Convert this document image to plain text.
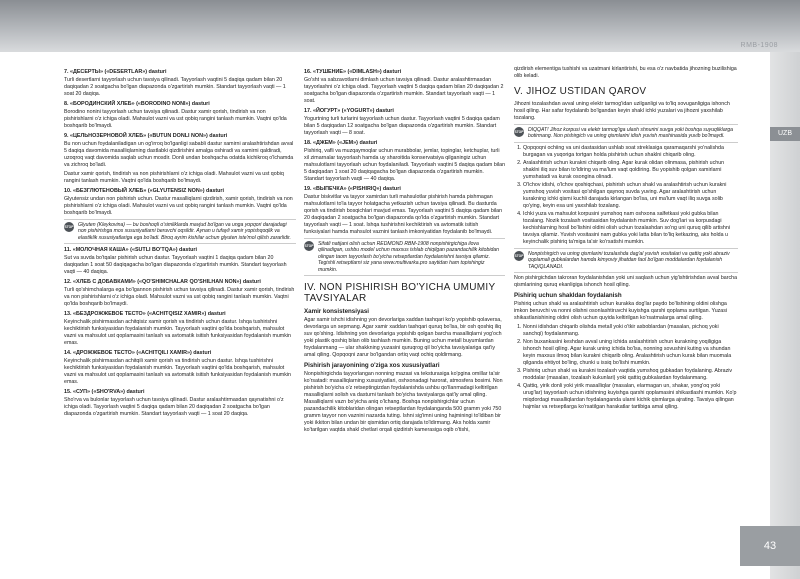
RMB-1908
UZB
43
7. «ДЕСЕРТЫ» («DESERTLAR») dasturi

Turli desertlarni tayyorlash uchun tavsiya qilinadi. Tayyorlash vaqtini 5 daqiqa qadam bilan 20 daqiqadan 2 soatgacha bo'lgan diapazonda o'zgartirish mumkin. Standart tayyorlash vaqti — 1 soat 20 daqiqa.

8. «БОРОДИНСКИЙ ХЛЕБ» («BORODINO NONI») dasturi

Borodino nonini tayyorlash uchun tavsiya qilinadi. Dastur xamir qorish, tindirish va non pishirishlarni o'z ichiga oladi. Mahsulot vazni va ust qobiq rangini tanlash mumkin. Vaqtni qo'lda boshqarib bo'lmaydi.

9. «ЦЕЛЬНОЗЕРНОВОЙ ХЛЕБ» («BUTUN DONLI NON») dasturi

Bu non uchun foydalaniladigan un og'irroq bo'lganligi sababli dastur xamirni aralashtirishdan avval 5 daqiqa davomida masalliqlarning dastlabki qizdirishini amalga oshiradi va xamirni qaldiradi, uzoqroq vaqt davomida saqlab uchun mosdir. Donli undan boshqacha odatda kichikroq o'lchamda va zichroq bo'ladi.

Dastur xamir qorish, tindirish va non pishirishlarni o'z ichiga oladi. Mahsulot vazni va ust qobiq rangini tanlash mumkin. Vaqtni qo'lda boshqarib bo'lmaydi.

10. «БЕЗГЛЮТЕНОВЫЙ ХЛЕБ» («GLYUTENSIZ NON») dasturi

Glyutensiz undan non pishirish uchun. Dastur masalliqlarni qizdirish, xamir qorish, tindirish va non pishirishlarni o'z ichiga oladi. Mahsulot vazni va ust qobiq rangini tanlash mumkin. Vaqtni qo'lda boshqarib bo'lmaydi.

STOP Glyuten (Kleykovina) — bu boshoqli o'simliklarda mavjud bo'lgan va unga yopqori darajadagi non pishirishga mos xususiyatlarni beruvchi oqsildir. Aynan u tufayli xamir yopishqoqlik va elastiklik xususiyatlariga ega bo'ladi. Biroq ayrim kishilar uchun glyuten iste'mol qilish zararlidir.
11. «МОЛОЧНАЯ КАША» («SUTLI BO'TQA») dasturi

Sut va suvda bo'tqalar pishirish uchun dastur. Tayyorlash vaqtini 1 daqiqa qadam bilan 20 daqiqadan 1 soat 50 daqiqagacha bo'lgan diapazonda o'zgartirish mumkin. Standart tayyorlash vaqti — 40 daqiqa.

12. «ХЛЕБ С ДОБАВКАМИ» («QO'SHIMCHALAR QO'SHILHAN NON») dasturi

Turli qo'shimchalarga ega bo'lgannon pishirish uchun tavsiya qilinadi. Dastur xamir qorish, tindirish va non pishirishlarni o'z ichiga oladi. Mahsulot vazni va ust qobiq rangini tanlash mumkin. Vaqtni qo'lda boshqarib bo'lmaydi.

13. «БЕЗДРОЖЖЕВОЕ ТЕСТО» («ACHITQISIZ XAMIR») dasturi

Keyinchalik pishirmasdan achitqisiz xamir qorish va tindirish uchun dastur. Ishqa tushirishni kechiktirish funksiyasidan foydalanish mumkin. Tayyorlash vaqtini qo'lda boshqarish, mahsulot vazni va mahsulot ust qoplamasini tanlash va avtomatik isitish funksiyasidan foydalanish mumkin emas.

14. «ДРОЖЖЕВОЕ ТЕСТО» («ACHITQILI XAMIR») dasturi

Keyinchalik pishirmasdan achitqili xamir qorish va tindirish uchun dastur. Ishqa tushirishni kechiktirish funksiyasidan foydalanish mumkin. Tayyorlash vaqtini qo'lda boshqarish, mahsulot vazni va mahsulot ust qoplamasini tanlash va avtomatik isitish funksiyasidan foydalanish mumkin emas.

15. «СУП» («SHO'RVA») dasturi

Sho'rva va bulonlar tayyorlash uchun tavsiya qilinadi. Dastur aralashtirmasdan qaynatishni o'z ichiga oladi. Tayyorlash vaqtini 5 daqiqa qadam bilan 20 daqiqadan 2 soatgacha bo'lgan diapazonda o'zgartirish mumkin. Standart tayyorlash vaqti — 1 soat 20 daqiqa.

16. «ТУШЕНИЕ» («DIMLASH») dasturi

Go'sht va sabzavotlarni dimlash uchun tavsiya qilinadi. Dastur aralashtirmasdan tayyorlashni o'z ichiga oladi. Tayyorlash vaqtini 5 daqiqa qadam bilan 20 daqiqadan 2 soatgacha bo'lgan diapazonda o'zgartirish mumkin. Standart tayyorlash vaqti — 1 soat.

17. «ЙОГУРТ» («YOGURT») dasturi

Yogurtning turli turlarini tayyorlash uchun dastur. Tayyorlash vaqtini 5 daqiqa qadam bilan 5 daqiqadan 12 soatgacha bo'lgan diapazonda o'zgartirish mumkin. Standart tayyorlash vaqti — 8 soat.

18. «ДЖЕМ» («JEM») dasturi

Pishiriq, vafli va muzqaymoqlar uchun murabbolar, jemlar, topinglar, ketchuplar, turli xil zimarnalar tayyorlash hamda uy sharoitida konservatsiya qilganingiz uchun mahsulotlarni tayyorlash uchun foydalaniladi. Tayyorlash vaqtini 5 daqiqa qadam bilan 5 daqiqadan 1 soat 20 daqiqagacha bo'lgan diapazonda o'zgartirish mumkin. Standart tayyorlash vaqti — 40 daqiqa.

19. «ВЫПЕЧКА» («PISHIRIQ») dasturi

Dastur biskvitlar va tayyor xamirdan turli mahsulotlar pishirish hamda pishmagan mahsulotlarni to'la tayyor holatgacha yetkazish uchun tavsiya qilinadi. Bu dasturda qorish va tindirish bosqichlari mavjud emas. Tayyorlash vaqtini 5 daqiqa qadam bilan 20 daqiqadan 2 soatgacha bo'lgan diapazonda qo'lda o'zgartirish mumkin. Standart tayyorlash vaqti — 1 soat. Ishqa tushirishni kechiktirish va avtomatik isitish funksiyalari hamda mahsulot vaznini tanlash imkoniyatidan foydalanib bo'lmaydi.

STOP Sifatli natijani olish uchun REDMOND RBM-1908 nonpishirgichiga ilova qilinadigan, ushbu model uchun maxsus ishlab chiqilgan pazandachilik kitobidan olingan taom tayyorlash bo'yicha retseptlardan foydalanishni tavsiya qilamiz. Tegishli retseptlarni siz yana www.multivarka.pro saytidan ham topishingiz mumkin.
IV. NON PISHIRISH BO'YICHA UMUMIY TAVSIYALAR
Xamir konsistensiyasi

Agar xamir ishchi idishning yon devorlariga xaddan tashqari ko'p yopishib qolaversa, devorlarga un sepmang. Agar xamir xaddan tashqari quruq bo'lsa, bir osh qoshiq iliq suv qo'shing. Idishning yon devorlariga yopishib qolgan barcha masalliqlarni yog'och yoki plastik qoshiq bilan olib tashlash mumkin. Buning uchun metall buyumlardan foydalanmang — ular shakkning yuzasini quruqrog qil bo'yicha tavsiyalariga qat'iy amal qiling. Qopqoqni zarur bo'lgandan ortiq vaqt ochiq qoldirmang.

Pishirish jarayonining o'ziga xos xususiyatlari

Nonpishirgichda tayyorlangan nonning mazasi va teksturasiga ko'pgina omillar ta'sir ko'rsatadi: masalliqlarning xususiyatlari, oshxonadagi harorat, atmosfera bosimi. Non pishirish bo'yicha o'z retseptingizdan foydalanishda ushbu qo'llanmadagi keltirilgan masalliqlarni solish va dasturni tanlash bo'yicha tavsiyalarga qat'iy amal qiling. Masalliqlarni vazn bo'yicha aniq o'lchang. Boshqa nonpishirgichlar uchun pazandachilik kitoblaridan olingan retseptlardan foydalanganda 500 gramm yoki 750 gramm tayyor non vaznini nazarda tuting. Ishni sig'imni uning hajminingi to'ldiban bir yoki ikkiton bilan undan bir qismidan ortiq darajada to'ldirmang. Aks holda xamir ko'tarilgan vaqtda shakl chetlari orqali qizdirish kamerasiga oqib o'tishi,

qizdirish elementiga tushishi va uzatmani kirlantirishi, bu esa o'z navbatida jihozning buzilishiga olib keladi.

V. JIHOZ USTIDAN QAROV

Jihozni tozalashdan avval uning elektr tarmog'idan uzilganligi va to'liq sovuganligiga ishonch hosil qiling. Har safar foydalanib bo'lgandan keyin shakl ichki yuzalari va jihozni yaxshilab tozalang.

STOP DIQQAT! Jihoz korpusi va elektr tarmog'iga ulash shnurini suvga yoki boshqa suyuqliklarga botirmang. Non pishirgich va uning qismlarini idish yuvish mashinasida yuvib bo'lmaydi.
1. Qopqoqni ochiing va uni dastasidan ushlab soat streklasiga qaramaqarshi yo'nalishda burgagan va yuqoriga tortgan holda pishirish uchun shaklni chiqarib oling.
2. Aralashtirish uchun kurakni chiqarib oling. Agar kurak olidan olinmasa, pishirish uchun shaklni iliq suv bilan to'ldiring va ma'lum vaqt qoldiring. Bu yopishib qolgan xamirlarni yumshatadi va kurak osongina olinadi.
3. O'lchov idishi, o'lchov qoshiqchasi, pishirish uchun shakl va aralashtirish uchun kurakni yumshoq yuvish vositasi qo'shilgan qaynoq suvda yuving. Agar aralashtirish uchun kurakning ichki qismi kuchli darajada kirlangan bo'lsa, uni ma'lum vaqt iliq suvga solib qo'ying, keyin esa uni yaxshilab tozalang.
4. Ichki yuza va mahsulot korpusini yumshoq nam oshxona salfetkasi yoki gubka bilan tozalang. Nozik tozalash vositasidan foydalanish mumkin. Suv dog'lari va korpusdagi kechishlarning hosil bo'lishini oldini olish uchun tozalashdan so'ng uni quruq qilib artishni tavsiya qilamiz. Yuvish vositasini nam gubka yoki latta bilan to'liq ketkazing, aks holda u keyinchalik pishiriq ta'miga ta'sir ko'rsatishi mumkin.
STOP Nonpishirgich va uning qismlarini tozalashda dag'al yuvish vositalari va qattiq yoki abraziv qoplamali gubkalardan hamda kimyoviy jihatdan faol bo'lgan moddalardan foydalanish TAQIQLANADI.

Non pishirgichdan takroran foydalanishdan yoki uni saqlash uchun yig'ishtirishdan avval barcha qismlarining quruq ekanligiga ishonch hosil qiling.

Pishiriq uchun shakldan foydalanish

Pishiriq uchun shakl va aralashtirish uchun kurakka dog'lar paydo bo'lishining oldini olishga imkon beruvchi va nonni olishni osonlashtiruvchi kuyishga qarshi qoplama surtilgan. Yuzasi shikastlanishining oldini olish uchun quyida keltirilgan ko'rsatmalarga amal qiling.

1. Nonni idishdan chiqarib olishda metall yoki o'tkir asboblardan (masalan, pichoq yoki sanchqi) foydalanmang.
2. Non buxankasini keshdan avval uning ichida aralashtirish uchun kurakning yoqiligiga ishonch hosil qiling. Agar kurak uning ichida bo'lsa, nonning sovushini kuting va shundan keyin maxsus ilmoq bilan kurakni chiqarib oling. Aralashtirish uchun kurak bilan muomala qilganda ehtiyot bo'ling, chunki u issiq bo'lishi mumkin.
3. Pishiriq uchun shakl va kurakni tozalash vaqtida yumshoq gubkadan foydalaning. Abraziv moddalar (masalan, tozalash kukunlari) yoki qattiq gubkalardan foydalanmang.
4. Qattiq, yirik donli yoki yirik masalliqlar (masalan, elarmagan un, shakar, yong'oq yoki urug'lar) tayyorlash uchun idishning kuyishga qarshi qoplamasini shikastlashi mumkin. Ko'p miqdordagi masalliqlardan foydalanganda ularni kichik qismlarga ajrating. Tavsiya qilingan hajmlar va retseptlarga ko'rsatilgan harakatlar tartibiga amal qiling.
